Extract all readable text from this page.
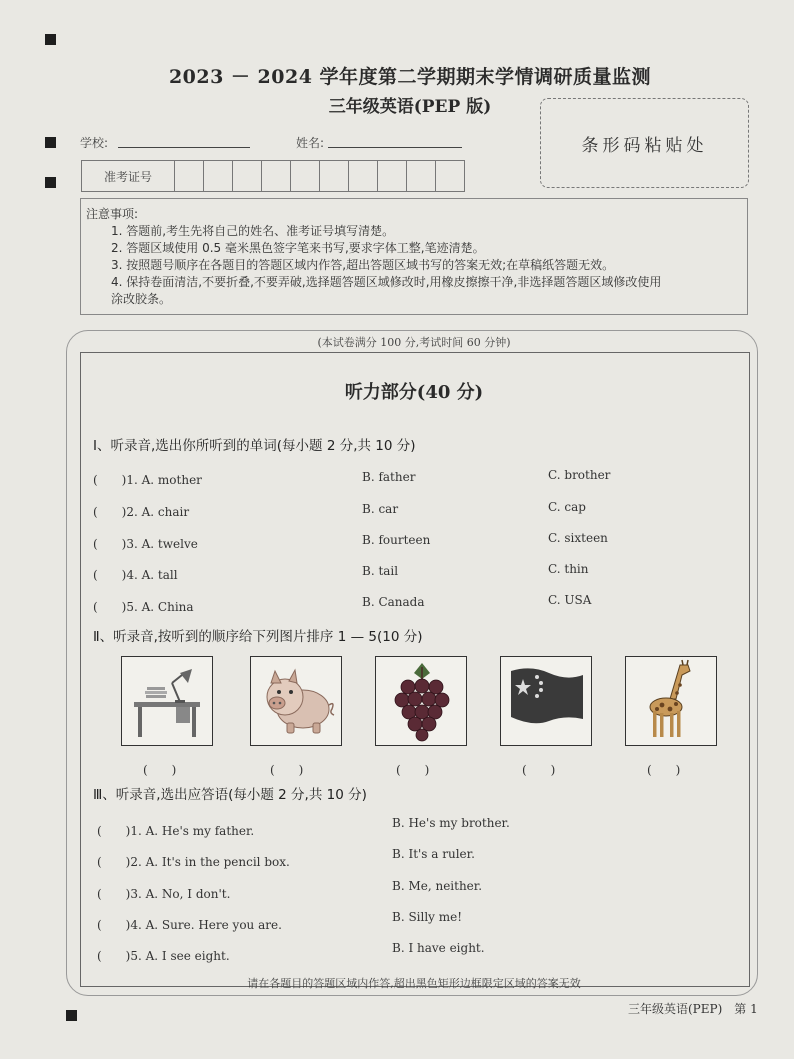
2023 － 2024 学年度第二学期期末学情调研质量监测
三年级英语(PEP 版)
条形码粘贴处
学校:	姓名:
准考证号
注意事项:
1. 答题前,考生先将自己的姓名、准考证号填写清楚。
2. 答题区域使用 0.5 毫米黑色签字笔来书写,要求字体工整,笔迹清楚。
3. 按照题号顺序在各题目的答题区域内作答,超出答题区域书写的答案无效;在草稿纸答题无效。
4. 保持卷面清洁,不要折叠,不要弄破,选择题答题区域修改时,用橡皮擦擦干净,非选择题答题区域修改使用
涂改胶条。
(本试卷满分 100 分,考试时间 60 分钟)
听力部分(40 分)
Ⅰ、听录音,选出你所听到的单词(每小题 2 分,共 10 分)
(　　)1. A. mother	B. father	C. brother
(　　)2. A. chair	B. car	C. cap
(　　)3. A. twelve	B. fourteen	C. sixteen
(　　)4. A. tall	B. tail	C. thin
(　　)5. A. China	B. Canada	C. USA
Ⅱ、听录音,按听到的顺序给下列图片排序 1 — 5(10 分)
(　　)	(　　)	(　　)	(　　)	(　　)
Ⅲ、听录音,选出应答语(每小题 2 分,共 10 分)
(　　)1. A. He's my father.
B. He's my brother.
(　　)2. A. It's in the pencil box.
B. It's a ruler.
(　　)3. A. No, I don't.
B. Me, neither.
(　　)4. A. Sure. Here you are.
B. Silly me!
(　　)5. A. I see eight.
B. I have eight.
请在各题目的答题区域内作答,超出黑色矩形边框限定区域的答案无效
三年级英语(PEP)　第 1
